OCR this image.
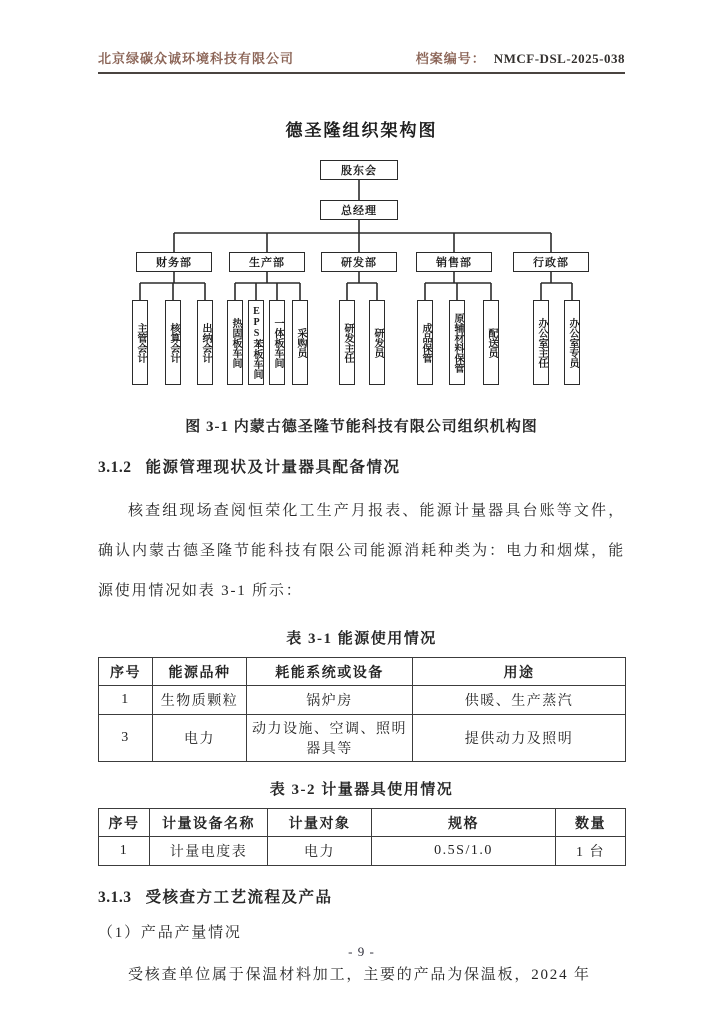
北京绿碳众诚环境科技有限公司	档案编号： NMCF-DSL-2025-038
德圣隆组织架构图
股东会
总经理
财务部	生产部	研发部	销售部	行政部
主管会计	核算会计	出纳会计	热固板车间	EPS苯板车间	一体板车间	采购员	研发主任	研发员	成品保管	原辅材料保管	配送员	办公室主任	办公室专员
图 3-1 内蒙古德圣隆节能科技有限公司组织机构图
3.1.2 能源管理现状及计量器具配备情况

核查组现场查阅恒荣化工生产月报表、能源计量器具台账等文件，确认内蒙古德圣隆节能科技有限公司能源消耗种类为：电力和烟煤，能源使用情况如表 3-1 所示：

表 3-1 能源使用情况
序号	能源品种	耗能系统或设备	用途
1	生物质颗粒	锅炉房	供暖、生产蒸汽
3	电力	动力设施、空调、照明器具等	提供动力及照明
表 3-2 计量器具使用情况
序号	计量设备名称	计量对象	规格	数量
1	计量电度表	电力	0.5S/1.0	1 台
3.1.3 受核查方工艺流程及产品
（1）产品产量情况

受核查单位属于保温材料加工，主要的产品为保温板，2024 年

- 9 -
